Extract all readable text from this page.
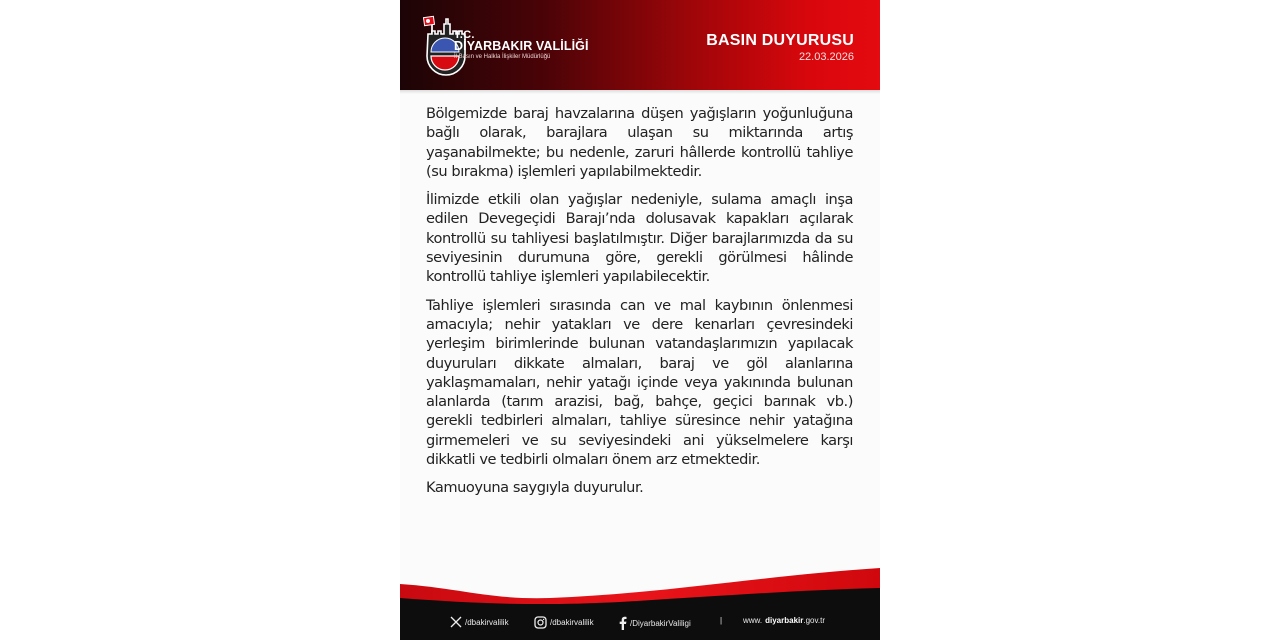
T.C.
DİYARBAKIR VALİLİĞİ
İl Basın ve Halkla İlişkiler Müdürlüğü
BASIN DUYURUSU
22.03.2026

Bölgemizde baraj havzalarına düşen yağışların yoğunluğuna bağlı olarak, barajlara ulaşan su miktarında artış yaşanabilmekte; bu nedenle, zaruri hâllerde kontrollü tahliye (su bırakma) işlemleri yapılabilmektedir.

İlimizde etkili olan yağışlar nedeniyle, sulama amaçlı inşa edilen Devegeçidi Barajı’nda dolusavak kapakları açılarak kontrollü su tahliyesi başlatılmıştır. Diğer barajlarımızda da su seviyesinin durumuna göre, gerekli görülmesi hâlinde kontrollü tahliye işlemleri yapılabilecektir.

Tahliye işlemleri sırasında can ve mal kaybının önlenmesi amacıyla; nehir yatakları ve dere kenarları çevresindeki yerleşim birimlerinde bulunan vatandaşlarımızın yapılacak duyuruları dikkate almaları, baraj ve göl alanlarına yaklaşmamaları, nehir yatağı içinde veya yakınında bulunan alanlarda (tarım arazisi, bağ, bahçe, geçici barınak vb.) gerekli tedbirleri almaları, tahliye süresince nehir yatağına girmemeleri ve su seviyesindeki ani yükselmelere karşı dikkatli ve tedbirli olmaları önem arz etmektedir.

Kamuoyuna saygıyla duyurulur.

/dbakirvalilik	/dbakirvalilik	/DiyarbakirValiligi	|	www. diyarbakir .gov.tr
